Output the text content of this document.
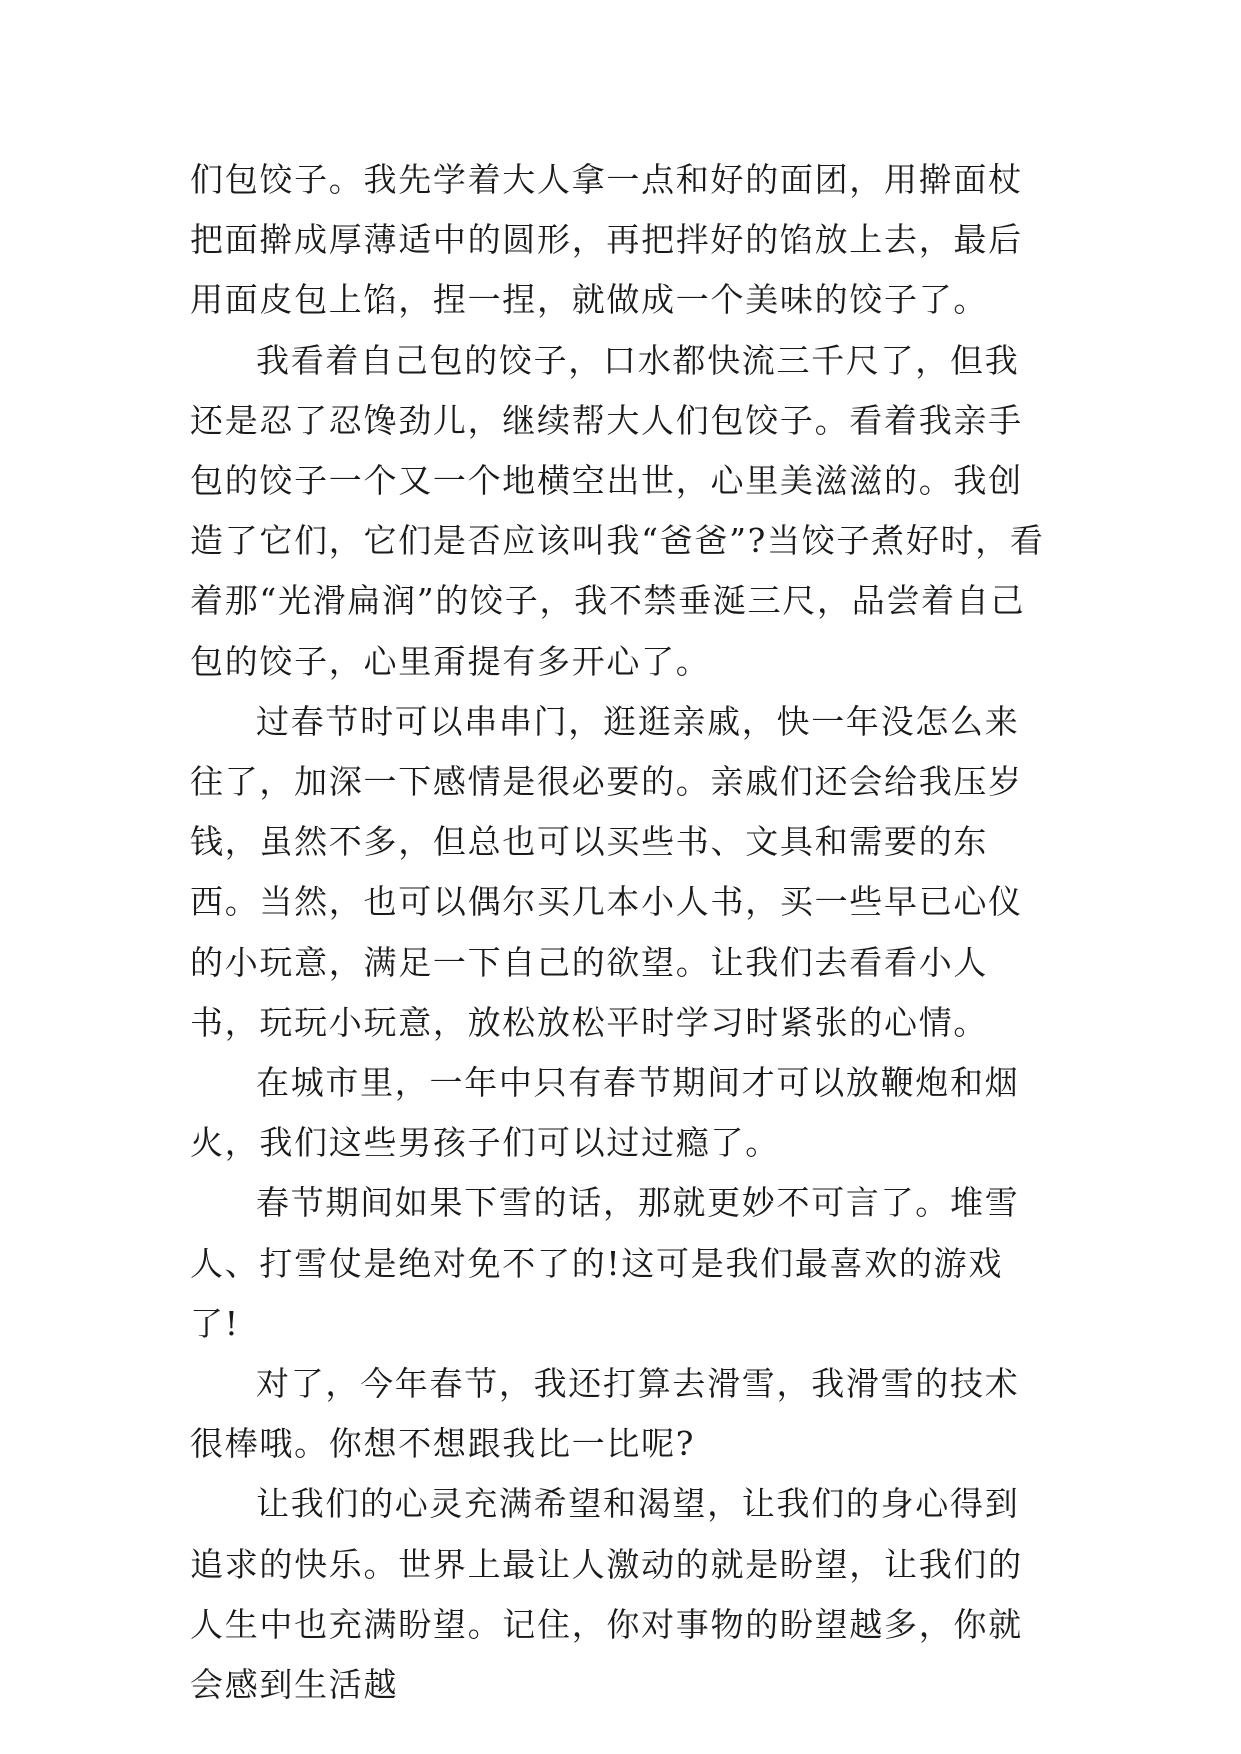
们包饺子。我先学着大人拿一点和好的面团，用擀面杖把面擀成厚薄适中的圆形，再把拌好的馅放上去，最后用面皮包上馅，捏一捏，就做成一个美味的饺子了。

我看着自己包的饺子，口水都快流三千尺了，但我还是忍了忍馋劲儿，继续帮大人们包饺子。看着我亲手包的饺子一个又一个地横空出世，心里美滋滋的。我创造了它们，它们是否应该叫我“爸爸”?当饺子煮好时，看着那“光滑扁润”的饺子，我不禁垂涎三尺，品尝着自己包的饺子，心里甭提有多开心了。

过春节时可以串串门，逛逛亲戚，快一年没怎么来往了，加深一下感情是很必要的。亲戚们还会给我压岁钱，虽然不多，但总也可以买些书、文具和需要的东西。当然，也可以偶尔买几本小人书，买一些早已心仪的小玩意，满足一下自己的欲望。让我们去看看小人书，玩玩小玩意，放松放松平时学习时紧张的心情。

在城市里，一年中只有春节期间才可以放鞭炮和烟火，我们这些男孩子们可以过过瘾了。

春节期间如果下雪的话，那就更妙不可言了。堆雪人、打雪仗是绝对免不了的!这可是我们最喜欢的游戏了!

对了，今年春节，我还打算去滑雪，我滑雪的技术很棒哦。你想不想跟我比一比呢?

让我们的心灵充满希望和渴望，让我们的身心得到追求的快乐。世界上最让人激动的就是盼望，让我们的人生中也充满盼望。记住，你对事物的盼望越多，你就会感到生活越
